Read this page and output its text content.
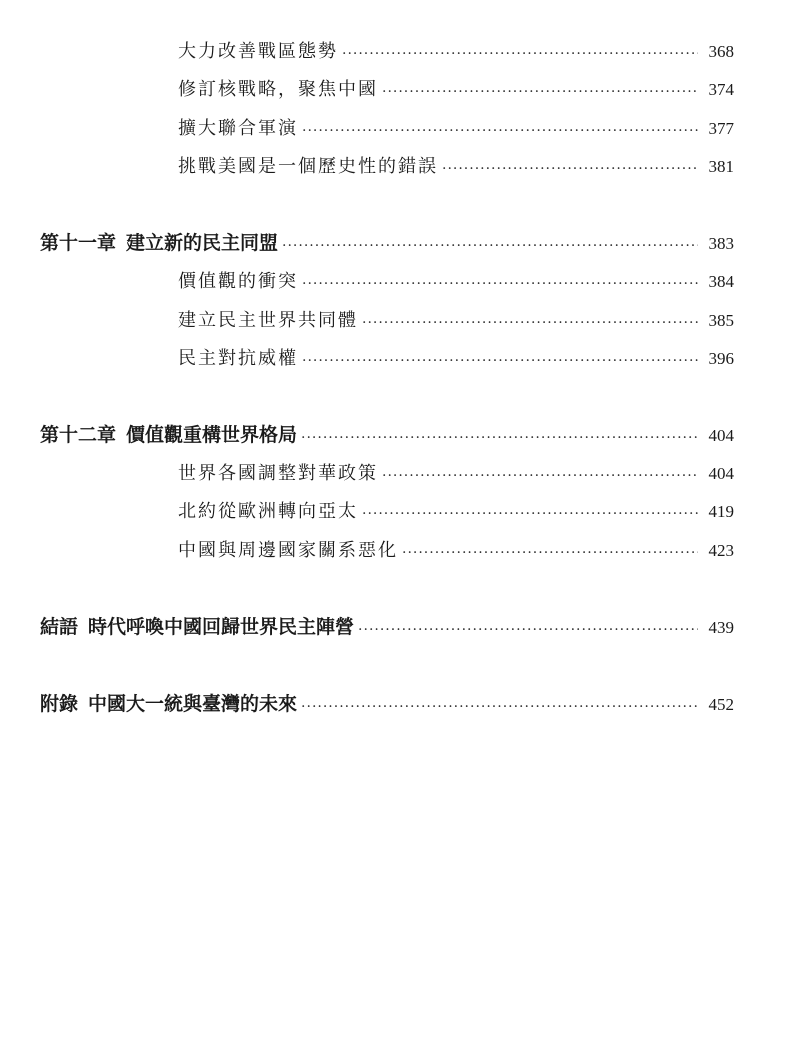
大力改善戰區態勢 .....	368
修訂核戰略，聚焦中國 .....	374
擴大聯合軍演 .....	377
挑戰美國是一個歷史性的錯誤 .....	381
第十一章 建立新的民主同盟 .....	383
價值觀的衝突 .....	384
建立民主世界共同體 .....	385
民主對抗威權 .....	396
第十二章 價值觀重構世界格局 .....	404
世界各國調整對華政策 .....	404
北約從歐洲轉向亞太 .....	419
中國與周邊國家關系惡化 .....	423
結 語 時代呼喚中國回歸世界民主陣營 .....	439
附 錄 中國大一統與臺灣的未來 .....	452
